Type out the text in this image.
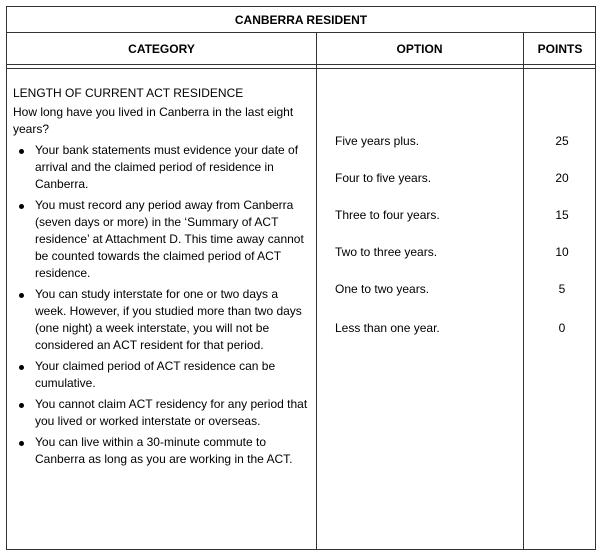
CANBERRA RESIDENT
CATEGORY	OPTION	POINTS
LENGTH OF CURRENT ACT RESIDENCE
How long have you lived in Canberra in the last eight years?
Your bank statements must evidence your date of arrival and the claimed period of residence in Canberra.
You must record any period away from Canberra (seven days or more) in the ‘Summary of ACT residence’ at Attachment D. This time away cannot be counted towards the claimed period of ACT residence.
You can study interstate for one or two days a week. However, if you studied more than two days (one night) a week interstate, you will not be considered an ACT resident for that period.
Your claimed period of ACT residence can be cumulative.
You cannot claim ACT residency for any period that you lived or worked interstate or overseas.
You can live within a 30-minute commute to Canberra as long as you are working in the ACT.
Five years plus.
Four to five years.
Three to four years.
Two to three years.
One to two years.
Less than one year.
25
20
15
10
5
0
